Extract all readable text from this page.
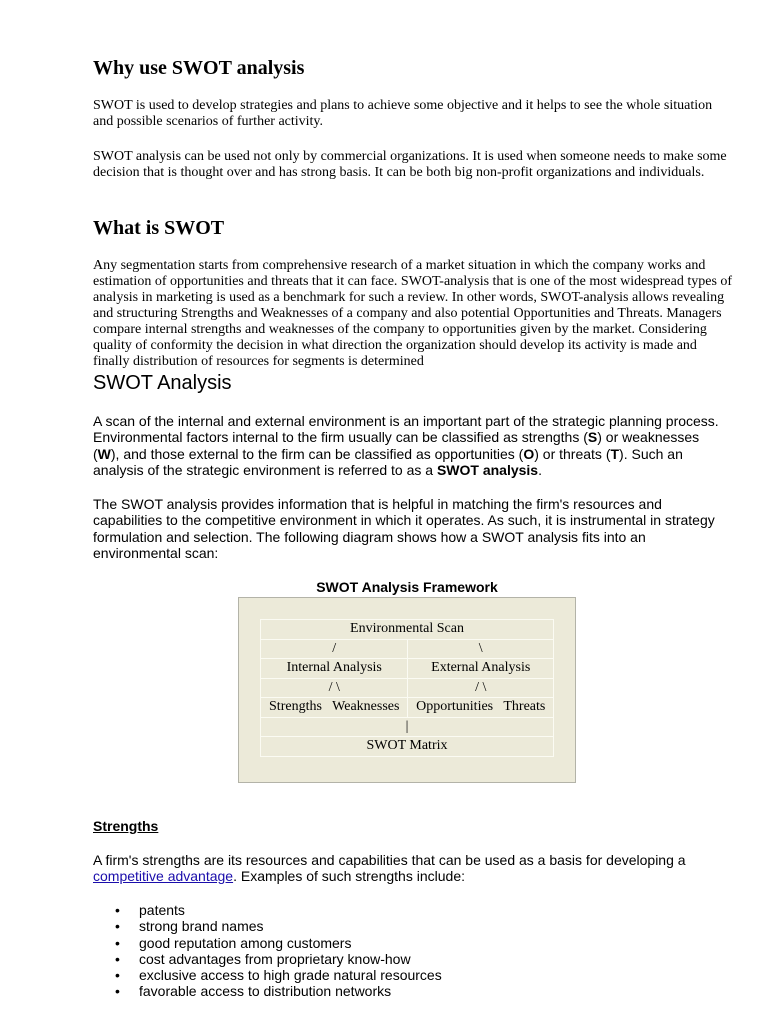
Why use SWOT analysis

SWOT is used to develop strategies and plans to achieve some objective and it helps to see the whole situation and possible scenarios of further activity.

SWOT analysis can be used not only by commercial organizations. It is used when someone needs to make some decision that is thought over and has strong basis. It can be both big non-profit organizations and individuals.

What is SWOT

Any segmentation starts from comprehensive research of a market situation in which the company works and estimation of opportunities and threats that it can face. SWOT-analysis that is one of the most widespread types of analysis in marketing is used as a benchmark for such a review. In other words, SWOT-analysis allows revealing and structuring Strengths and Weaknesses of a company and also potential Opportunities and Threats. Managers compare internal strengths and weaknesses of the company to opportunities given by the market. Considering quality of conformity the decision in what direction the organization should develop its activity is made and finally distribution of resources for segments is determined

SWOT Analysis

A scan of the internal and external environment is an important part of the strategic planning process. Environmental factors internal to the firm usually can be classified as strengths (S) or weaknesses (W), and those external to the firm can be classified as opportunities (O) or threats (T). Such an analysis of the strategic environment is referred to as a SWOT analysis.

The SWOT analysis provides information that is helpful in matching the firm's resources and capabilities to the competitive environment in which it operates. As such, it is instrumental in strategy formulation and selection. The following diagram shows how a SWOT analysis fits into an environmental scan:

SWOT Analysis Framework
Environmental Scan	
/	\
Internal Analysis	External Analysis
/ \	/ \
Strengths Weaknesses	Opportunities Threats
|	
SWOT Matrix	
Strengths

A firm's strengths are its resources and capabilities that can be used as a basis for developing a competitive advantage. Examples of such strengths include:

• patents
• strong brand names
• good reputation among customers
• cost advantages from proprietary know-how
• exclusive access to high grade natural resources
• favorable access to distribution networks
